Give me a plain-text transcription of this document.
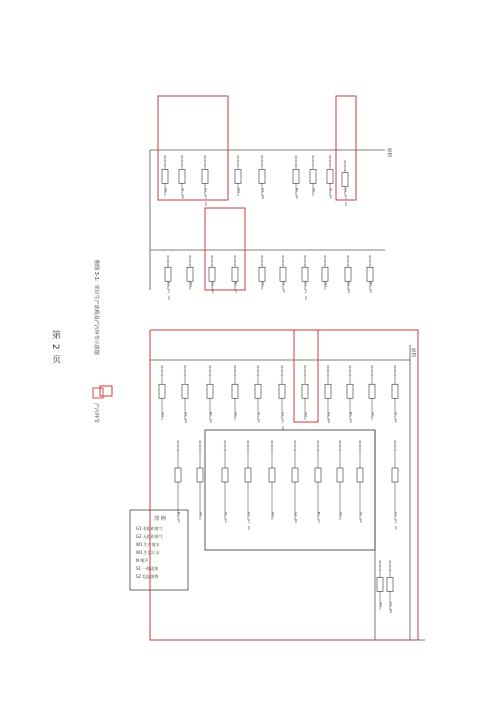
G1、S1、S2
S1、S2
W1
N1、S2
G2、N1
W3
G1、S1、S2
S1、S2
W1
N1、S2
G2、N1
W3
G1、S1、S2
S1、S2
W1
N1、S2
G2、N1
W3
G1、S1、S2
S1、S2
W1
N1、S2
G2、N1
W3
G1、S1、S2
S1、S2
W1
N1、S2
G2、N1
W3
G1、S1、S2
S1、S2
W1
N1、S2
G2、N1
W3
G1、S1、S2
S1、S2
W1
N1、S2
G2、N1
W3
图 例
G1 有组织废气
G2 无组织废气
W1 生产废水
W2 生活污水
N 噪声
S1 一般固废
S2 危险废物
附图 3-1：项目生产流程及产污环节示意图
产污环节
原料
原料
第 2 页
